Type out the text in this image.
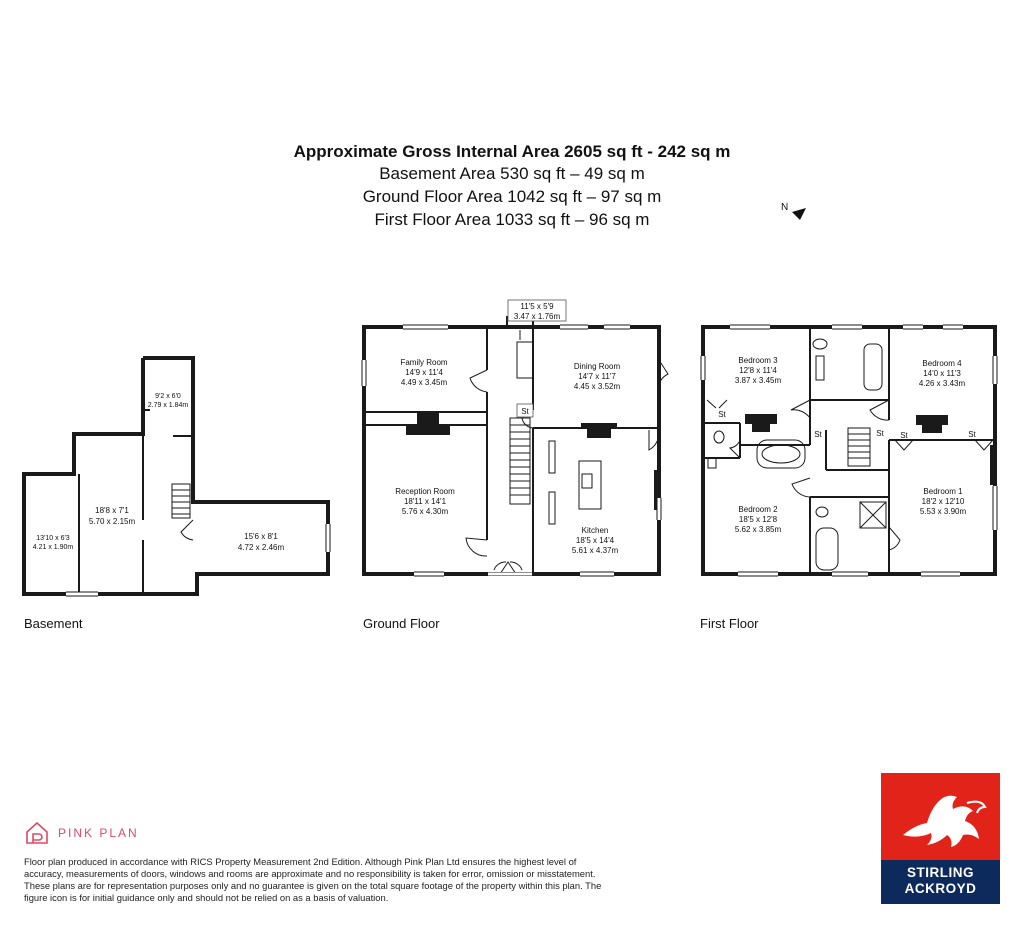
Approximate Gross Internal Area 2605 sq ft - 242 sq m
Basement Area 530 sq ft – 49 sq m
Ground Floor Area 1042 sq ft – 97 sq m
First Floor Area 1033 sq ft – 96 sq m
N
9'2 x 6'0
2.79 x 1.84m
18'8 x 7'1
5.70 x 2.15m
13'10 x 6'3
4.21 x 1.90m
15'6 x 8'1
4.72 x 2.46m
11'5 x 5'9
3.47 x 1.76m
St
Family Room
14'9 x 11'4
4.49 x 3.45m
Reception Room
18'11 x 14'1
5.76 x 4.30m
Dining Room
14'7 x 11'7
4.45 x 3.52m
Kitchen
18'5 x 14'4
5.61 x 4.37m
Bedroom 3
12'8 x 11'4
3.87 x 3.45m
Bedroom 4
14'0 x 11'3
4.26 x 3.43m
Bedroom 2
18'5 x 12'8
5.62 x 3.85m
Bedroom 1
18'2 x 12'10
5.53 x 3.90m
St
St	St St	St
Basement	Ground Floor	First Floor
PINK PLAN
Floor plan produced in accordance with RICS Property Measurement 2nd Edition. Although Pink Plan Ltd ensures the highest level of accuracy, measurements of doors, windows and rooms are approximate and no responsibility is taken for error, omission or misstatement. These plans are for representation purposes only and no guarantee is given on the total square footage of the property within this plan. The figure icon is for initial guidance only and should not be relied on as a basis of valuation.
STIRLING
ACKROYD
